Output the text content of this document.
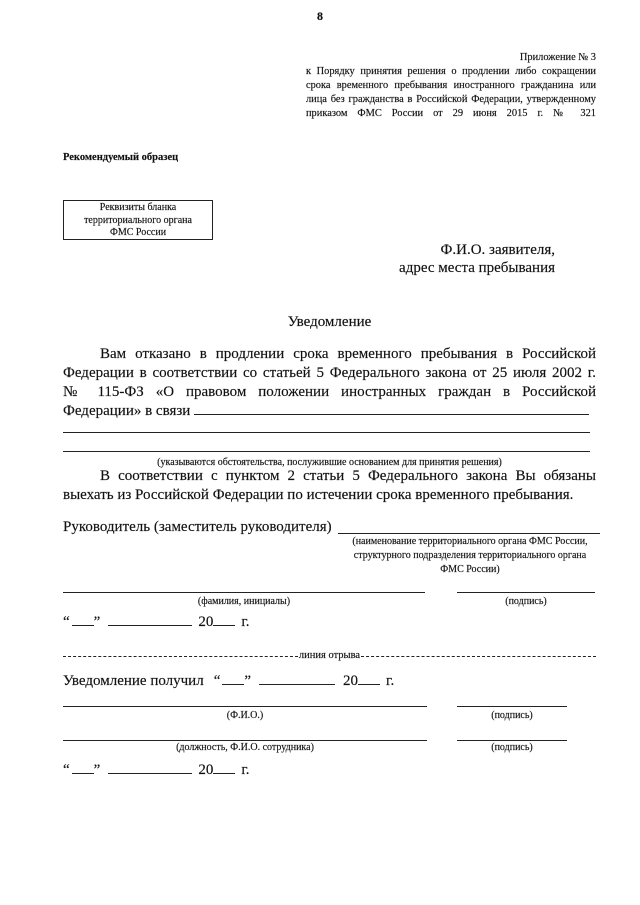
8
Приложение № 3
к Порядку принятия решения о продлении либо сокращении
срока временного пребывания иностранного гражданина или
лица без гражданства в Российской Федерации, утвержденному
приказом ФМС России от 29 июня 2015 г. № 321
Рекомендуемый образец
Реквизиты бланка
территориального органа
ФМС России
Ф.И.О. заявителя,
адрес места пребывания
Уведомление
Вам отказано в продлении срока временного пребывания в Российской
Федерации в соответствии со статьей 5 Федерального закона от 25 июля 2002 г.
№ 115-ФЗ «О правовом положении иностранных граждан в Российской
Федерации» в связи
(указываются обстоятельства, послужившие основанием для принятия решения)
В соответствии с пунктом 2 статьи 5 Федерального закона Вы обязаны
выехать из Российской Федерации по истечении срока временного пребывания.
Руководитель (заместитель руководителя)
(наименование территориального органа ФМС России,
структурного подразделения территориального органа
ФМС России)
(фамилия, инициалы)	(подпись)
“ ”	20 г.
линия отрыва
Уведомление получил “ ”	20 г.
(Ф.И.О.)	(подпись)
(должность, Ф.И.О. сотрудника)	(подпись)
“ ”	20 г.
